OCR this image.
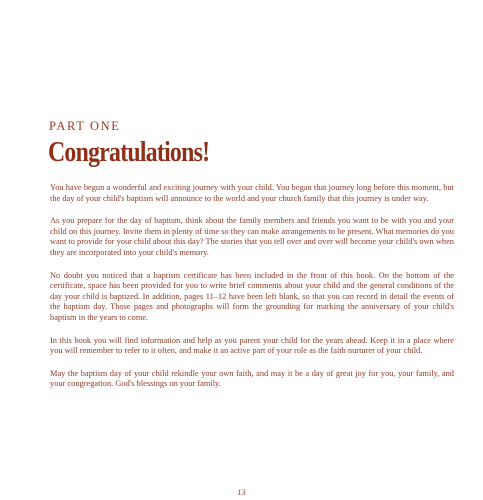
PART ONE
Congratulations!

You have begun a wonderful and exciting journey with your child. You began that journey long before this moment, but the day of your child's baptism will announce to the world and your church family that this journey is under way.

As you prepare for the day of baptism, think about the family members and friends you want to be with you and your child on this journey. Invite them in plenty of time so they can make arrangements to be present. What memories do you want to provide for your child about this day? The stories that you tell over and over will become your child's own when they are incorporated into your child's memory.

No doubt you noticed that a baptism certificate has been included in the front of this book. On the bottom of the certificate, space has been provided for you to write brief comments about your child and the general conditions of the day your child is baptized. In addition, pages 11–12 have been left blank, so that you can record in detail the events of the baptism day. Those pages and photographs will form the grounding for marking the anniversary of your child's baptism in the years to come.

In this book you will find information and help as you parent your child for the years ahead. Keep it in a place where you will remember to refer to it often, and make it an active part of your role as the faith nurturer of your child.

May the baptism day of your child rekindle your own faith, and may it be a day of great joy for you, your family, and your congregation. God's blessings on your family.

13
